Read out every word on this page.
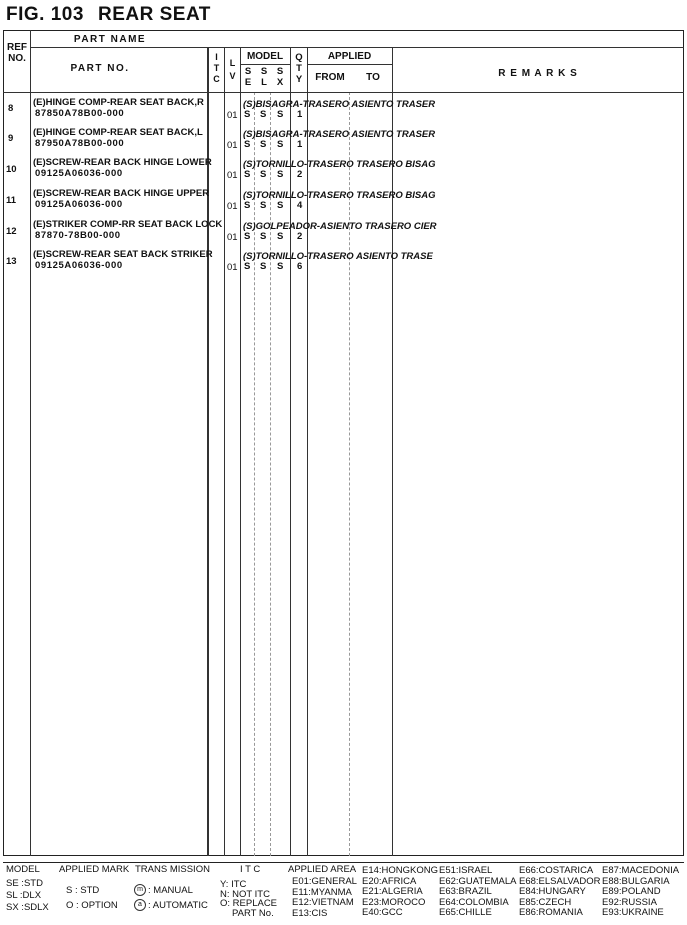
FIG. 103 REAR SEAT
REF
NO.
PART NAME
PART NO.
I
T
C
L
V
MODEL
S
E
S
L
S
X
Q
T
Y
APPLIED
FROM	TO	R E M A R K S
8
(E)HINGE COMP-REAR SEAT BACK,R
87850A78B00-000	01 S S S 1
(S)BISAGRA-TRASERO ASIENTO TRASER
9
(E)HINGE COMP-REAR SEAT BACK,L
87950A78B00-000	01 S S S 1
(S)BISAGRA-TRASERO ASIENTO TRASER
10
(E)SCREW-REAR BACK HINGE LOWER
09125A06036-000	01 S S S 2
(S)TORNILLO-TRASERO TRASERO BISAG
11
(E)SCREW-REAR BACK HINGE UPPER
09125A06036-000	01 S S S 4
(S)TORNILLO-TRASERO TRASERO BISAG
12
(E)STRIKER COMP-RR SEAT BACK LOCK
87870-78B00-000	01 S S S 2
(S)GOLPEADOR-ASIENTO TRASERO CIER
13
(E)SCREW-REAR SEAT BACK STRIKER
09125A06036-000	01 S S S 6
(S)TORNILLO-TRASERO ASIENTO TRASE
MODEL
SE :STD
SL :DLX
SX :SDLX
APPLIED MARK
S : STD
O : OPTION
TRANS MISSION
m : MANUAL
a : AUTOMATIC
I T C
Y: ITC
N: NOT ITC
O: REPLACE
PART No.
APPLIED AREA
E01:GENERAL
E11:MYANMA
E12:VIETNAM
E13:CIS
E14:HONGKONG
E20:AFRICA
E21:ALGERIA
E23:MOROCO
E40:GCC
E51:ISRAEL
E62:GUATEMALA
E63:BRAZIL
E64:COLOMBIA
E65:CHILLE
E66:COSTARICA
E68:ELSALVADOR
E84:HUNGARY
E85:CZECH
E86:ROMANIA
E87:MACEDONIA
E88:BULGARIA
E89:POLAND
E92:RUSSIA
E93:UKRAINE
